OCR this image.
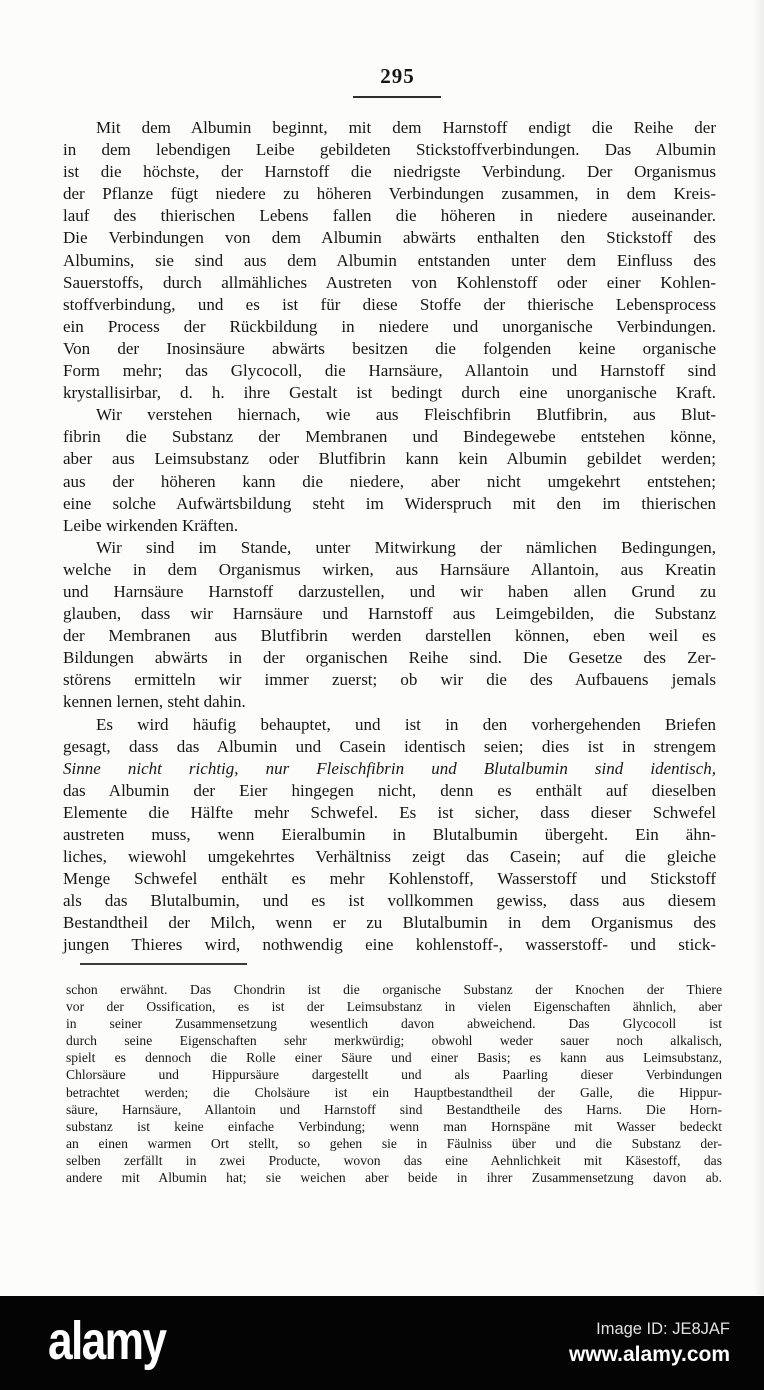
295
Mit dem Albumin beginnt, mit dem Harnstoff endigt die Reihe der
in dem lebendigen Leibe gebildeten Stickstoffverbindungen. Das Albumin
ist die höchste, der Harnstoff die niedrigste Verbindung. Der Organismus
der Pflanze fügt niedere zu höheren Verbindungen zusammen, in dem Kreis-
lauf des thierischen Lebens fallen die höheren in niedere auseinander.
Die Verbindungen von dem Albumin abwärts enthalten den Stickstoff des
Albumins, sie sind aus dem Albumin entstanden unter dem Einfluss des
Sauerstoffs, durch allmähliches Austreten von Kohlenstoff oder einer Kohlen-
stoffverbindung, und es ist für diese Stoffe der thierische Lebensprocess
ein Process der Rückbildung in niedere und unorganische Verbindungen.
Von der Inosinsäure abwärts besitzen die folgenden keine organische
Form mehr; das Glycocoll, die Harnsäure, Allantoin und Harnstoff sind
krystallisirbar, d. h. ihre Gestalt ist bedingt durch eine unorganische Kraft.
Wir verstehen hiernach, wie aus Fleischfibrin Blutfibrin, aus Blut-
fibrin die Substanz der Membranen und Bindegewebe entstehen könne,
aber aus Leimsubstanz oder Blutfibrin kann kein Albumin gebildet werden;
aus der höheren kann die niedere, aber nicht umgekehrt entstehen;
eine solche Aufwärtsbildung steht im Widerspruch mit den im thierischen
Leibe wirkenden Kräften.
Wir sind im Stande, unter Mitwirkung der nämlichen Bedingungen,
welche in dem Organismus wirken, aus Harnsäure Allantoin, aus Kreatin
und Harnsäure Harnstoff darzustellen, und wir haben allen Grund zu
glauben, dass wir Harnsäure und Harnstoff aus Leimgebilden, die Substanz
der Membranen aus Blutfibrin werden darstellen können, eben weil es
Bildungen abwärts in der organischen Reihe sind. Die Gesetze des Zer-
störens ermitteln wir immer zuerst; ob wir die des Aufbauens jemals
kennen lernen, steht dahin.
Es wird häufig behauptet, und ist in den vorhergehenden Briefen
gesagt, dass das Albumin und Casein identisch seien; dies ist in strengem
Sinne nicht richtig, nur Fleischfibrin und Blutalbumin sind identisch,
das Albumin der Eier hingegen nicht, denn es enthält auf dieselben
Elemente die Hälfte mehr Schwefel. Es ist sicher, dass dieser Schwefel
austreten muss, wenn Eieralbumin in Blutalbumin übergeht. Ein ähn-
liches, wiewohl umgekehrtes Verhältniss zeigt das Casein; auf die gleiche
Menge Schwefel enthält es mehr Kohlenstoff, Wasserstoff und Stickstoff
als das Blutalbumin, und es ist vollkommen gewiss, dass aus diesem
Bestandtheil der Milch, wenn er zu Blutalbumin in dem Organismus des
jungen Thieres wird, nothwendig eine kohlenstoff-, wasserstoff- und stick-
schon erwähnt. Das Chondrin ist die organische Substanz der Knochen der Thiere
vor der Ossification, es ist der Leimsubstanz in vielen Eigenschaften ähnlich, aber
in seiner Zusammensetzung wesentlich davon abweichend. Das Glycocoll ist
durch seine Eigenschaften sehr merkwürdig; obwohl weder sauer noch alkalisch,
spielt es dennoch die Rolle einer Säure und einer Basis; es kann aus Leimsubstanz,
Chlorsäure und Hippursäure dargestellt und als Paarling dieser Verbindungen
betrachtet werden; die Cholsäure ist ein Hauptbestandtheil der Galle, die Hippur-
säure, Harnsäure, Allantoin und Harnstoff sind Bestandtheile des Harns. Die Horn-
substanz ist keine einfache Verbindung; wenn man Hornspäne mit Wasser bedeckt
an einen warmen Ort stellt, so gehen sie in Fäulniss über und die Substanz der-
selben zerfällt in zwei Producte, wovon das eine Aehnlichkeit mit Käsestoff, das
andere mit Albumin hat; sie weichen aber beide in ihrer Zusammensetzung davon ab.
alamy	Image ID: JE8JAF
www.alamy.com
